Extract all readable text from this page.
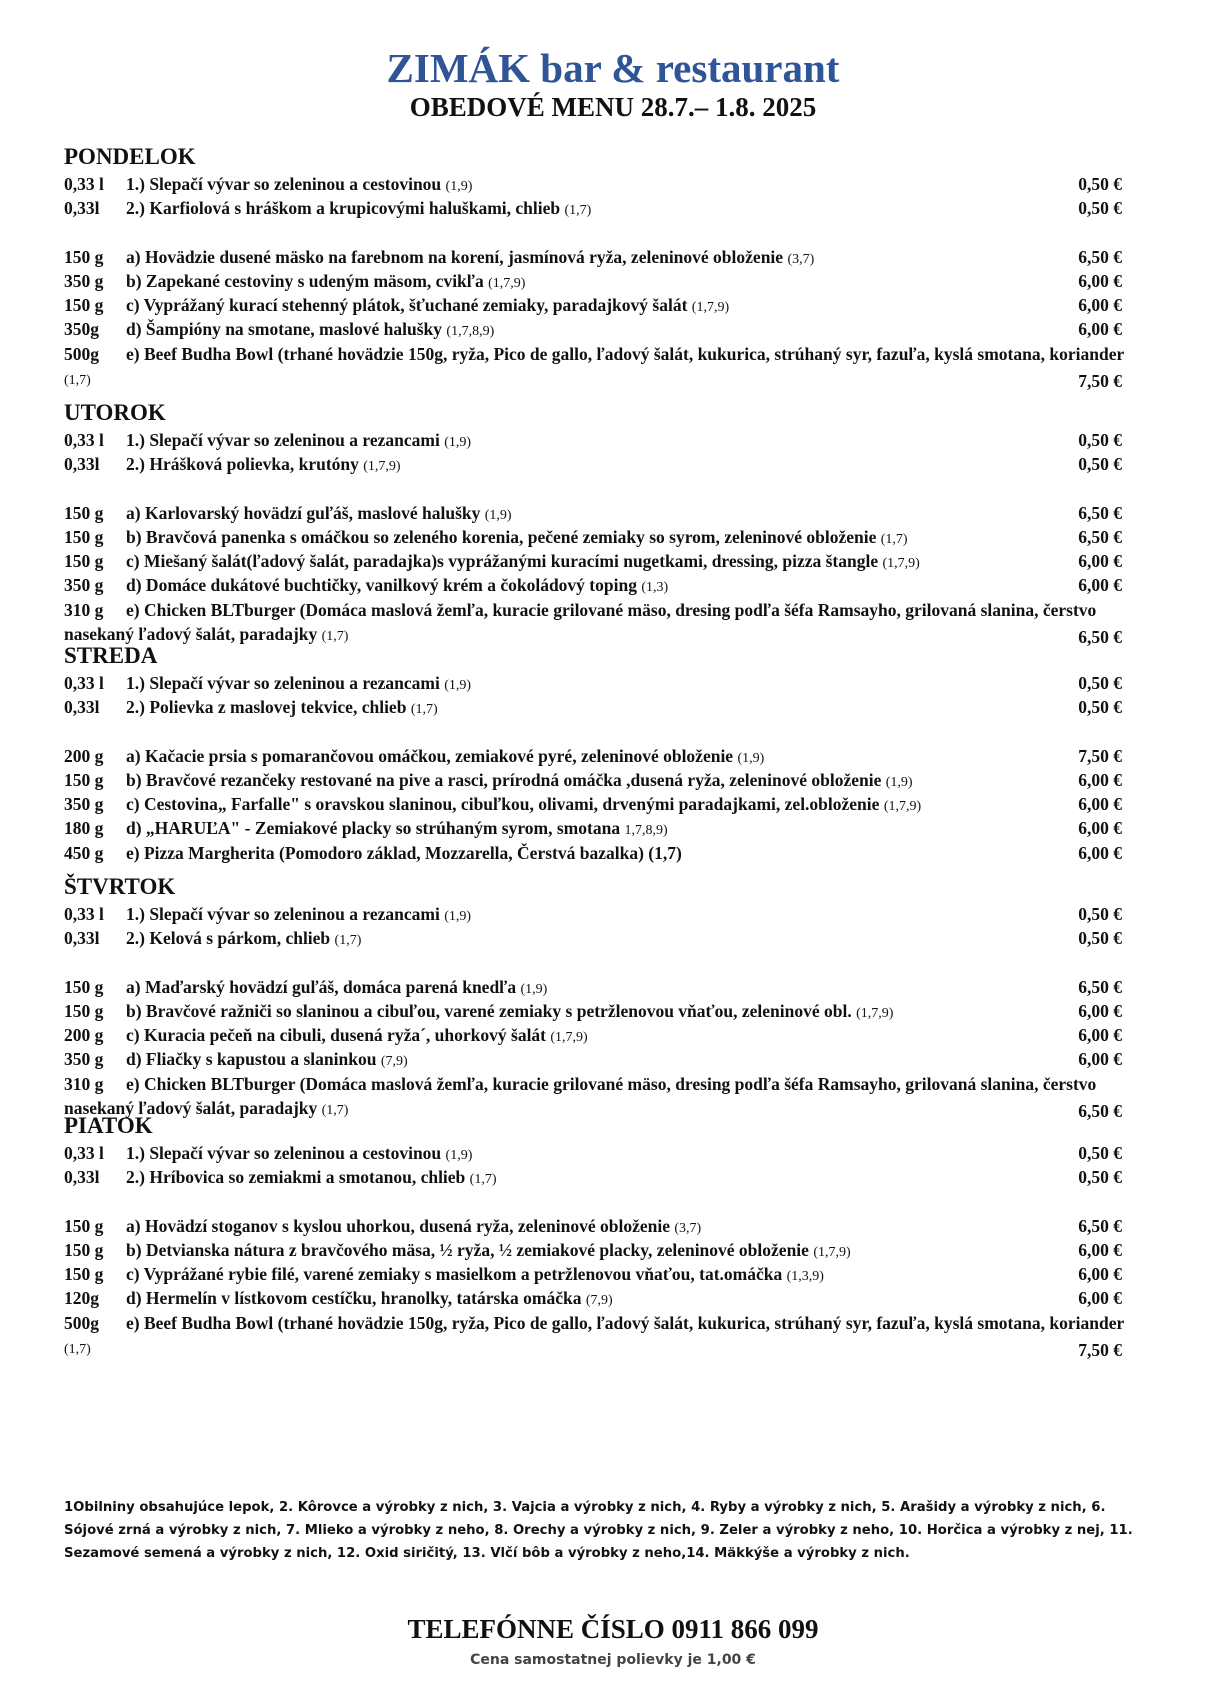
ZIMÁK bar & restaurant
OBEDOVÉ MENU 28.7.– 1.8. 2025
PONDELOK
0,33 l 1.) Slepačí vývar so zeleninou a cestovinou (1,9)	0,50 €
0,33l 2.) Karfiolová s hráškom a krupicovými haluškami, chlieb (1,7)	0,50 €
150 g a) Hovädzie dusené mäsko na farebnom na korení, jasmínová ryža, zeleninové obloženie (3,7)	6,50 €
350 g b) Zapekané cestoviny s udeným mäsom, cvikľa (1,7,9)	6,00 €
150 g c) Vyprážaný kurací stehenný plátok, šťuchané zemiaky, paradajkový šalát (1,7,9)	6,00 €
350g d) Šampióny na smotane, maslové halušky (1,7,8,9)	6,00 €
500g e) Beef Budha Bowl (trhané hovädzie 150g, ryža, Pico de gallo, ľadový šalát, kukurica, strúhaný syr, fazuľa, kyslá smotana, koriander (1,7)	7,50 €
UTOROK
0,33 l 1.) Slepačí vývar so zeleninou a rezancami (1,9)	0,50 €
0,33l 2.) Hrášková polievka, krutóny (1,7,9)	0,50 €
150 g a) Karlovarský hovädzí guľáš, maslové halušky (1,9)	6,50 €
150 g b) Bravčová panenka s omáčkou so zeleného korenia, pečené zemiaky so syrom, zeleninové obloženie (1,7)	6,50 €
150 g c) Miešaný šalát(ľadový šalát, paradajka)s vyprážanými kuracími nugetkami, dressing, pizza štangle (1,7,9)	6,00 €
350 g d) Domáce dukátové buchtičky, vanilkový krém a čokoládový toping (1,3)	6,00 €
310 g e) Chicken BLTburger (Domáca maslová žemľa, kuracie grilované mäso, dresing podľa šéfa Ramsayho, grilovaná slanina, čerstvo nasekaný ľadový šalát, paradajky (1,7)	6,50 €
STREDA
0,33 l 1.) Slepačí vývar so zeleninou a rezancami (1,9)	0,50 €
0,33l 2.) Polievka z maslovej tekvice, chlieb (1,7)	0,50 €
200 g a) Kačacie prsia s pomarančovou omáčkou, zemiakové pyré, zeleninové obloženie (1,9)	7,50 €
150 g b) Bravčové rezančeky restované na pive a rasci, prírodná omáčka ,dusená ryža, zeleninové obloženie (1,9)	6,00 €
350 g c) Cestovina„ Farfalle" s oravskou slaninou, cibuľkou, olivami, drvenými paradajkami, zel.obloženie (1,7,9)	6,00 €
180 g d) „HARUĽA" - Zemiakové placky so strúhaným syrom, smotana 1,7,8,9)	6,00 €
450 g e) Pizza Margherita (Pomodoro základ, Mozzarella, Čerstvá bazalka) (1,7)	6,00 €
ŠTVRTOK
0,33 l 1.) Slepačí vývar so zeleninou a rezancami (1,9)	0,50 €
0,33l 2.) Kelová s párkom, chlieb (1,7)	0,50 €
150 g a) Maďarský hovädzí guľáš, domáca parená knedľa (1,9)	6,50 €
150 g b) Bravčové ražniči so slaninou a cibuľou, varené zemiaky s petržlenovou vňaťou, zeleninové obl. (1,7,9)	6,00 €
200 g c) Kuracia pečeň na cibuli, dusená ryža´, uhorkový šalát (1,7,9)	6,00 €
350 g d) Fliačky s kapustou a slaninkou (7,9)	6,00 €
310 g e) Chicken BLTburger (Domáca maslová žemľa, kuracie grilované mäso, dresing podľa šéfa Ramsayho, grilovaná slanina, čerstvo nasekaný ľadový šalát, paradajky (1,7)	6,50 €
PIATOK
0,33 l 1.) Slepačí vývar so zeleninou a cestovinou (1,9)	0,50 €
0,33l 2.) Hríbovica so zemiakmi a smotanou, chlieb (1,7)	0,50 €
150 g a) Hovädzí stoganov s kyslou uhorkou, dusená ryža, zeleninové obloženie (3,7)	6,50 €
150 g b) Detvianska nátura z bravčového mäsa, ½ ryža, ½ zemiakové placky, zeleninové obloženie (1,7,9)	6,00 €
150 g c) Vyprážané rybie filé, varené zemiaky s masielkom a petržlenovou vňaťou, tat.omáčka (1,3,9)	6,00 €
120g d) Hermelín v lístkovom cestíčku, hranolky, tatárska omáčka (7,9)	6,00 €
500g e) Beef Budha Bowl (trhané hovädzie 150g, ryža, Pico de gallo, ľadový šalát, kukurica, strúhaný syr, fazuľa, kyslá smotana, koriander (1,7)	7,50 €
1Obilniny obsahujúce lepok, 2. Kôrovce a výrobky z nich, 3. Vajcia a výrobky z nich, 4. Ryby a výrobky z nich, 5. Arašidy a výrobky z nich, 6. Sójové zrná a výrobky z nich, 7. Mlieko a výrobky z neho, 8. Orechy a výrobky z nich, 9. Zeler a výrobky z neho, 10. Horčica a výrobky z nej, 11. Sezamové semená a výrobky z nich, 12. Oxid siričitý, 13. Vlčí bôb a výrobky z neho,14. Mäkkýše a výrobky z nich.
TELEFÓNNE ČÍSLO 0911 866 099
Cena samostatnej polievky je 1,00 €
